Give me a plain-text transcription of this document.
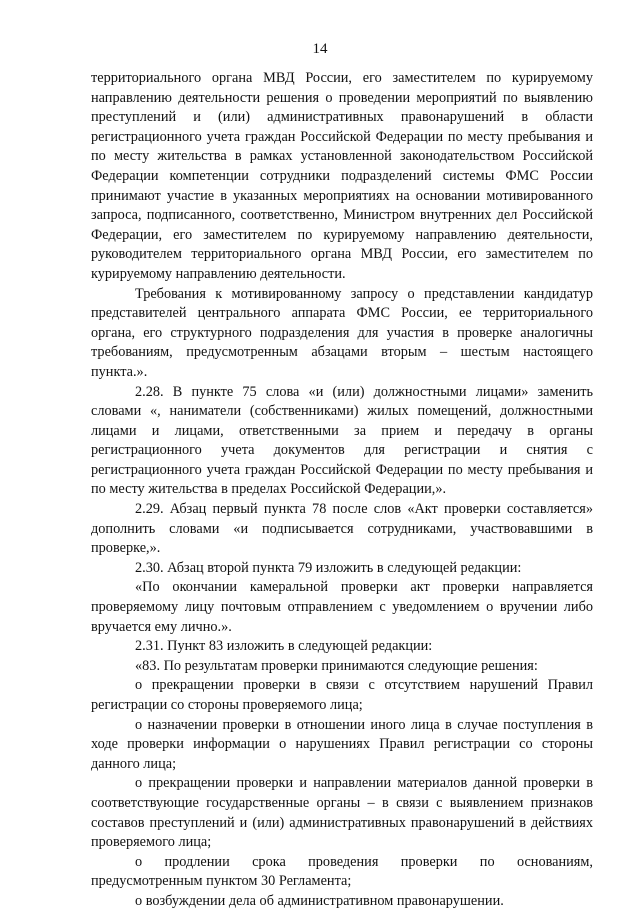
14

территориального органа МВД России, его заместителем по курируемому направлению деятельности решения о проведении мероприятий по выявлению преступлений и (или) административных правонарушений в области регистрационного учета граждан Российской Федерации по месту пребывания и по месту жительства в рамках установленной законодательством Российской Федерации компетенции сотрудники подразделений системы ФМС России принимают участие в указанных мероприятиях на основании мотивированного запроса, подписанного, соответственно, Министром внутренних дел Российской Федерации, его заместителем по курируемому направлению деятельности, руководителем территориального органа МВД России, его заместителем по курируемому направлению деятельности.

Требования к мотивированному запросу о представлении кандидатур представителей центрального аппарата ФМС России, ее территориального органа, его структурного подразделения для участия в проверке аналогичны требованиям, предусмотренным абзацами вторым – шестым настоящего пункта.».

2.28. В пункте 75 слова «и (или) должностными лицами» заменить словами «, наниматели (собственниками) жилых помещений, должностными лицами и лицами, ответственными за прием и передачу в органы регистрационного учета документов для регистрации и снятия с регистрационного учета граждан Российской Федерации по месту пребывания и по месту жительства в пределах Российской Федерации,».

2.29. Абзац первый пункта 78 после слов «Акт проверки составляется» дополнить словами «и подписывается сотрудниками, участвовавшими в проверке,».

2.30. Абзац второй пункта 79 изложить в следующей редакции:

«По окончании камеральной проверки акт проверки направляется проверяемому лицу почтовым отправлением с уведомлением о вручении либо вручается ему лично.».

2.31. Пункт 83 изложить в следующей редакции:

«83. По результатам проверки принимаются следующие решения:

о прекращении проверки в связи с отсутствием нарушений Правил регистрации со стороны проверяемого лица;

о назначении проверки в отношении иного лица в случае поступления в ходе проверки информации о нарушениях Правил регистрации со стороны данного лица;

о прекращении проверки и направлении материалов данной проверки в соответствующие государственные органы – в связи с выявлением признаков составов преступлений и (или) административных правонарушений в действиях проверяемого лица;

о продлении срока проведения проверки по основаниям, предусмотренным пунктом 30 Регламента;

о возбуждении дела об административном правонарушении.
